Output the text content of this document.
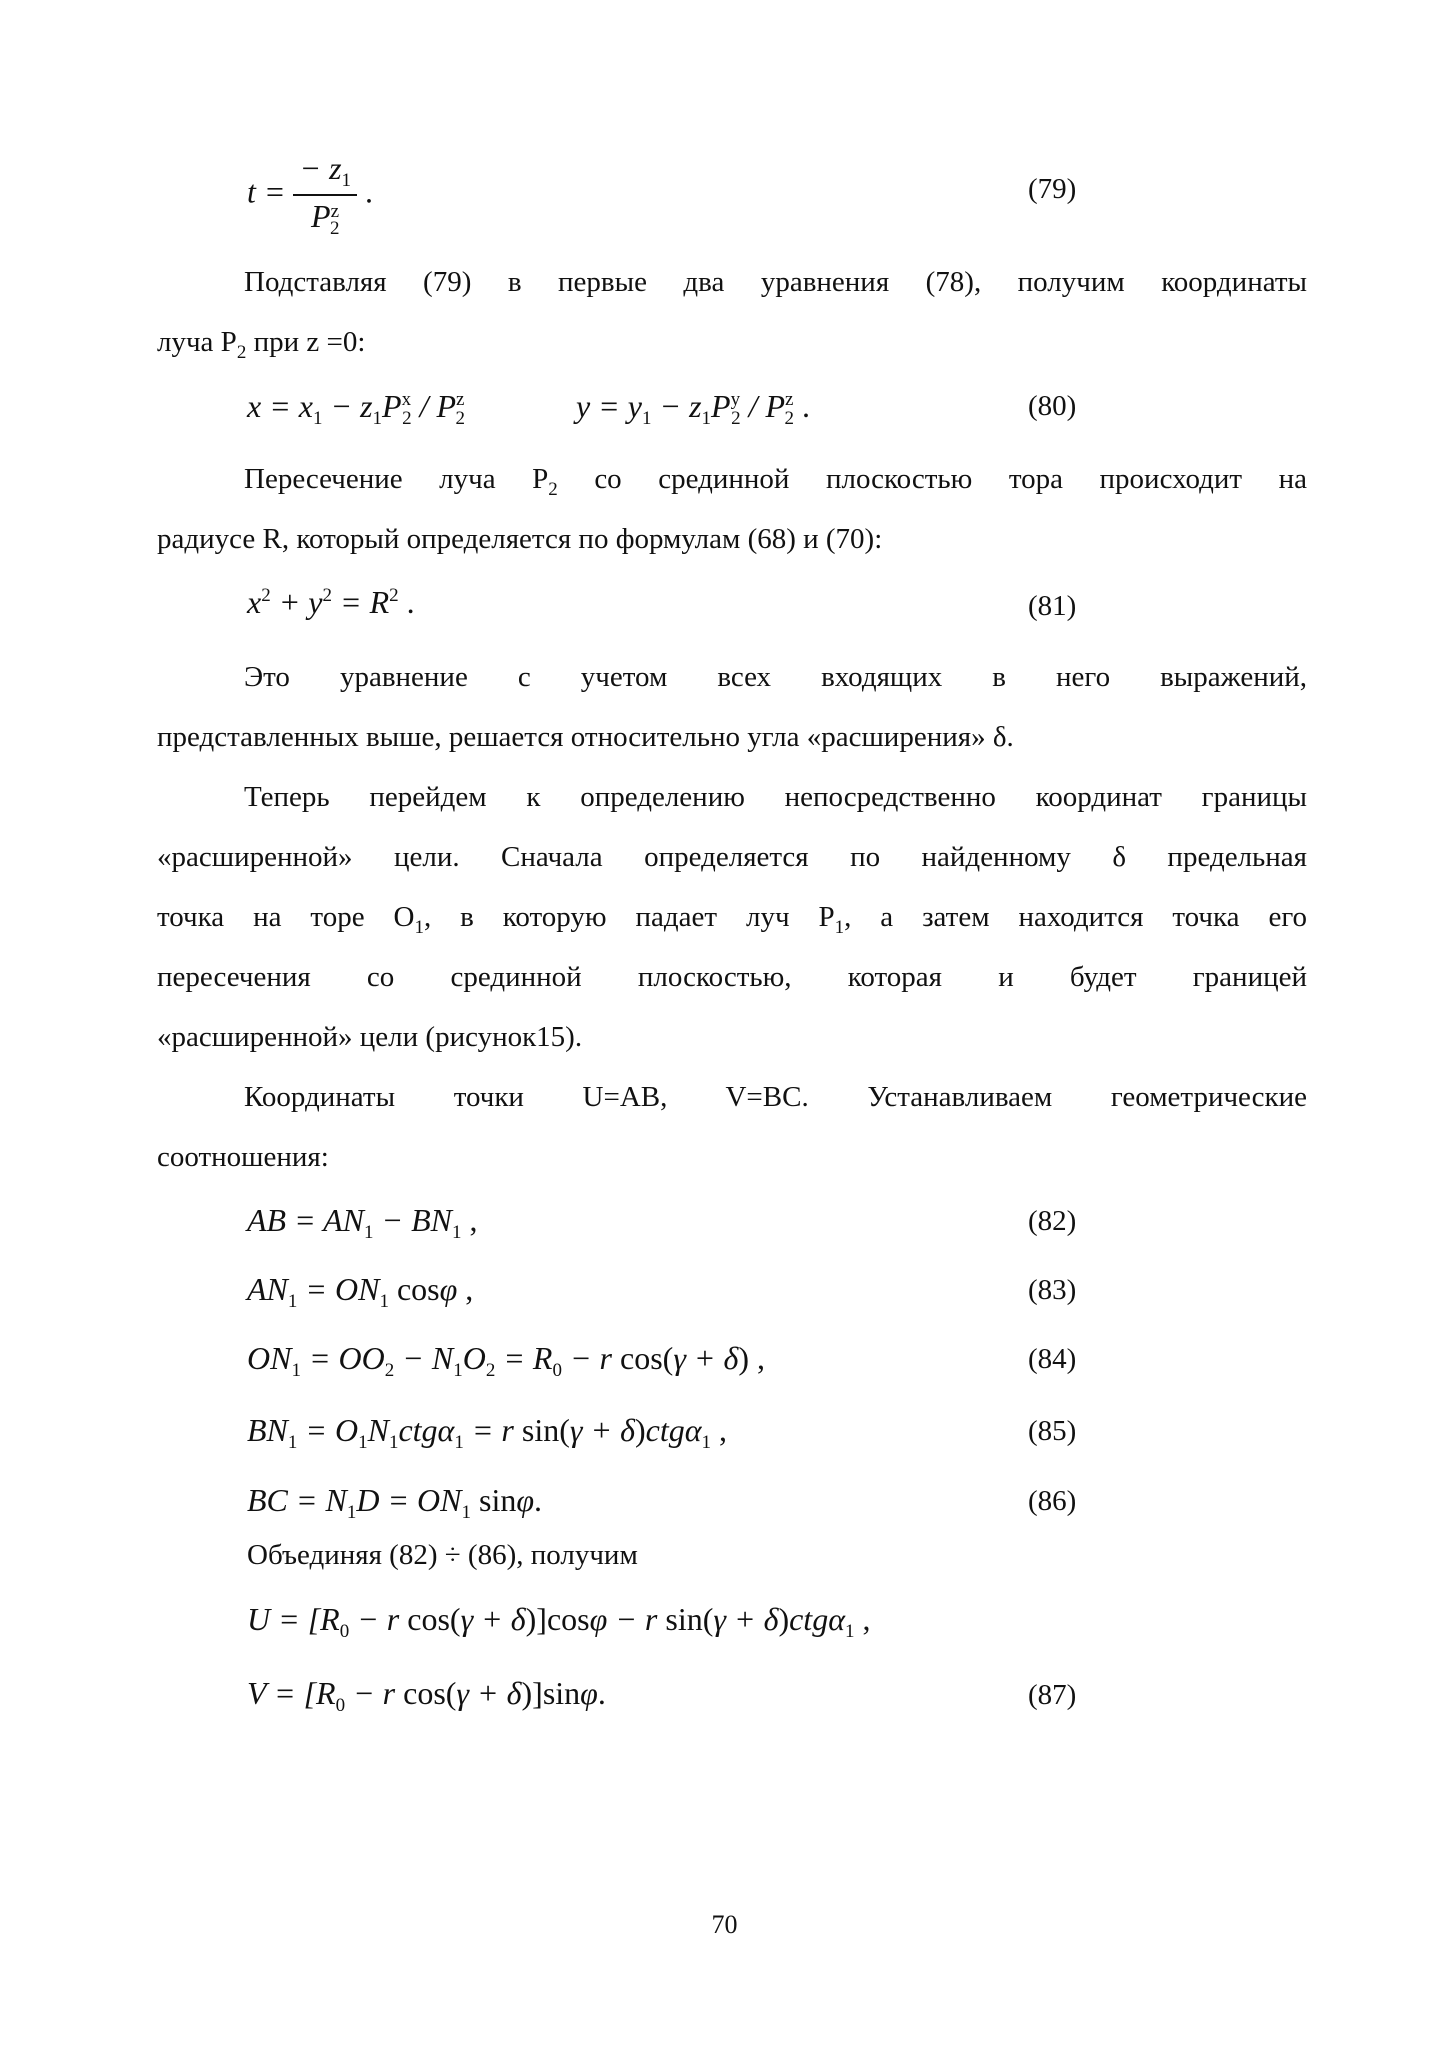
$t = \frac{- z_1}{P^z_2}$ .	(79)
Подставляя (79) в первые два уравнения (78), получим координаты
луча $P_2$ при z =0:
$x = x_1 - z_1P^x_2 / P^z_2$	$y = y_1 - z_1P^y_2 / P^z_2$ .	(80)
Пересечение луча $P_2$ со срединной плоскостью тора происходит на
радиусе R, который определяется по формулам (68) и (70):
$x^2 + y^2 = R^2$ .	(81)
Это уравнение с учетом всех входящих в него выражений,
представленных выше, решается относительно угла «расширения» δ.
Теперь перейдем к определению непосредственно координат границы
«расширенной» цели. Сначала определяется по найденному δ предельная
точка на торе $O_1$, в которую падает луч $P_1$, а затем находится точка его
пересечения со срединной плоскостью, которая и будет границей
«расширенной» цели (рисунок15).
Координаты точки U=AB, V=BC. Устанавливаем геометрические
соотношения:
AB = $AN_1 - BN_1$ ,	(82)
$AN_1 = ON_1$ cosφ ,	(83)
$ON_1 = OO_2 - N_1O_2 = R_0 - r$ cos(γ + δ) ,	(84)
$BN_1 = O_1N_1ctg\alpha_1 = r$ sin(γ + δ)ctgα$_1$ ,	(85)
BC = $N_1D = ON_1$ sinφ.	(86)
Объединяя (82) ÷ (86), получим
$U = [R_0 - r$ cos(γ + δ)]cosφ − r sin(γ + δ)ctgα$_1$ ,
$V = [R_0 - r$ cos(γ + δ)]sinφ.	(87)
70
